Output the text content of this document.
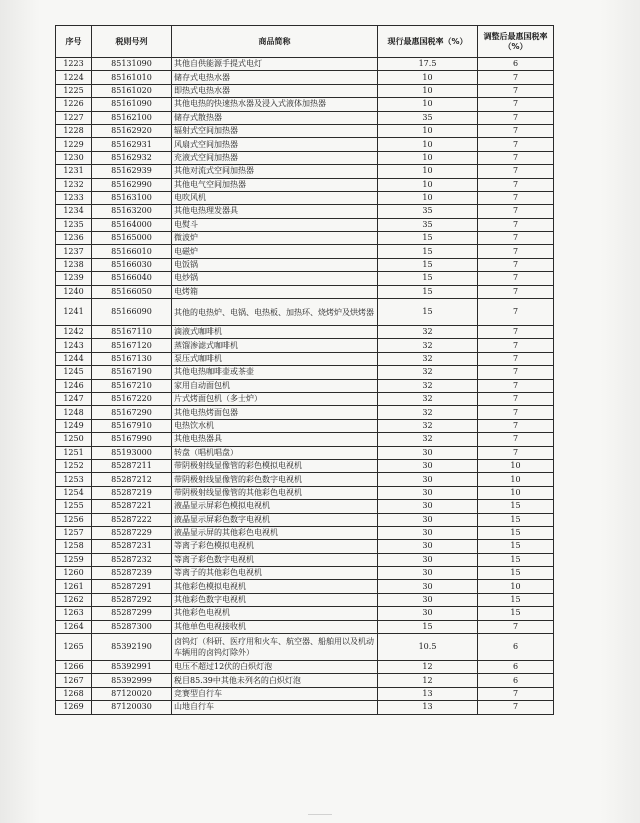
序号	税则号列	商品简称	现行最惠国税率（%）	调整后最惠国税率（%）
1223	85131090	其他自供能源手提式电灯	17.5	6
1224	85161010	储存式电热水器	10	7
1225	85161020	即热式电热水器	10	7
1226	85161090	其他电热的快速热水器及浸入式液体加热器	10	7
1227	85162100	储存式散热器	35	7
1228	85162920	辐射式空间加热器	10	7
1229	85162931	风扇式空间加热器	10	7
1230	85162932	充液式空间加热器	10	7
1231	85162939	其他对流式空间加热器	10	7
1232	85162990	其他电气空间加热器	10	7
1233	85163100	电吹风机	10	7
1234	85163200	其他电热理发器具	35	7
1235	85164000	电熨斗	35	7
1236	85165000	微波炉	15	7
1237	85166010	电磁炉	15	7
1238	85166030	电饭锅	15	7
1239	85166040	电炒锅	15	7
1240	85166050	电烤箱	15	7
1241	85166090	其他的电热炉、电锅、电热板、加热环、烧烤炉及烘烤器	15	7
1242	85167110	滴液式咖啡机	32	7
1243	85167120	蒸馏渗滤式咖啡机	32	7
1244	85167130	泵压式咖啡机	32	7
1245	85167190	其他电热咖啡壶或茶壶	32	7
1246	85167210	家用自动面包机	32	7
1247	85167220	片式烤面包机（多士炉）	32	7
1248	85167290	其他电热烤面包器	32	7
1249	85167910	电热饮水机	32	7
1250	85167990	其他电热器具	32	7
1251	85193000	转盘（唱机唱盘）	30	7
1252	85287211	带阴极射线显像管的彩色模拟电视机	30	10
1253	85287212	带阴极射线显像管的彩色数字电视机	30	10
1254	85287219	带阴极射线显像管的其他彩色电视机	30	10
1255	85287221	液晶显示屏彩色模拟电视机	30	15
1256	85287222	液晶显示屏彩色数字电视机	30	15
1257	85287229	液晶显示屏的其他彩色电视机	30	15
1258	85287231	等离子彩色模拟电视机	30	15
1259	85287232	等离子彩色数字电视机	30	15
1260	85287239	等离子的其他彩色电视机	30	15
1261	85287291	其他彩色模拟电视机	30	10
1262	85287292	其他彩色数字电视机	30	15
1263	85287299	其他彩色电视机	30	15
1264	85287300	其他单色电视接收机	15	7
1265	85392190	卤钨灯（科研、医疗用和火车、航空器、船舶用以及机动车辆用的卤钨灯除外）	10.5	6
1266	85392991	电压不超过12伏的白炽灯泡	12	6
1267	85392999	税目85.39中其他未列名的白炽灯泡	12	6
1268	87120020	竞赛型自行车	13	7
1269	87120030	山地自行车	13	7
